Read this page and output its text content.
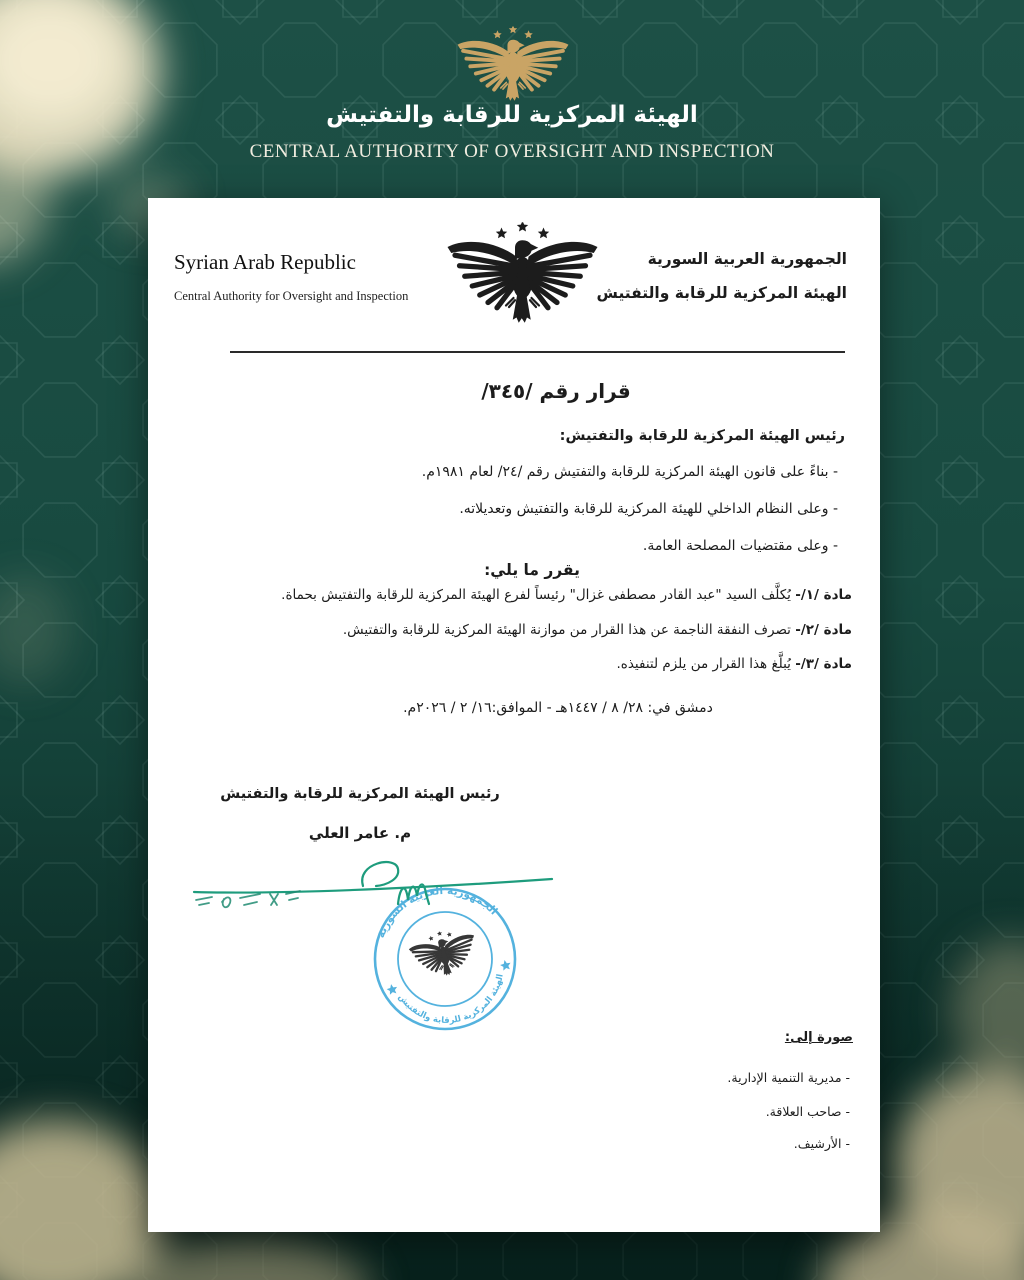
الهيئة المركزية للرقابة والتفتيش
CENTRAL AUTHORITY OF OVERSIGHT AND INSPECTION
Syrian Arab Republic
Central Authority for Oversight and Inspection
الجمهورية العربية السورية
الهيئة المركزية للرقابة والتفتيش
قرار رقم /٣٤٥/
رئيس الهيئة المركزية للرقابة والتفتيش:
- بناءً على قانون الهيئة المركزية للرقابة والتفتيش رقم /٢٤/ لعام ١٩٨١م.
- وعلى النظام الداخلي للهيئة المركزية للرقابة والتفتيش وتعديلاته.
- وعلى مقتضيات المصلحة العامة.
يقرر ما يلي:
مادة /١/- يُكلَّف السيد "عبد القادر مصطفى غزال" رئيساً لفرع الهيئة المركزية للرقابة والتفتيش بحماة.
مادة /٢/- تصرف النفقة الناجمة عن هذا القرار من موازنة الهيئة المركزية للرقابة والتفتيش.
مادة /٣/- يُبلَّغ هذا القرار من يلزم لتنفيذه.
دمشق في: ٢٨/ ٨ / ١٤٤٧هـ - الموافق:١٦/ ٢ / ٢٠٢٦م.
رئيس الهيئة المركزية للرقابة والتفتيش
م. عامر العلي
الجمهورية العربية السورية
الهيئة المركزية للرقابة والتفتيش
صورة إلى:
- مديرية التنمية الإدارية.
- صاحب العلاقة.
- الأرشيف.
